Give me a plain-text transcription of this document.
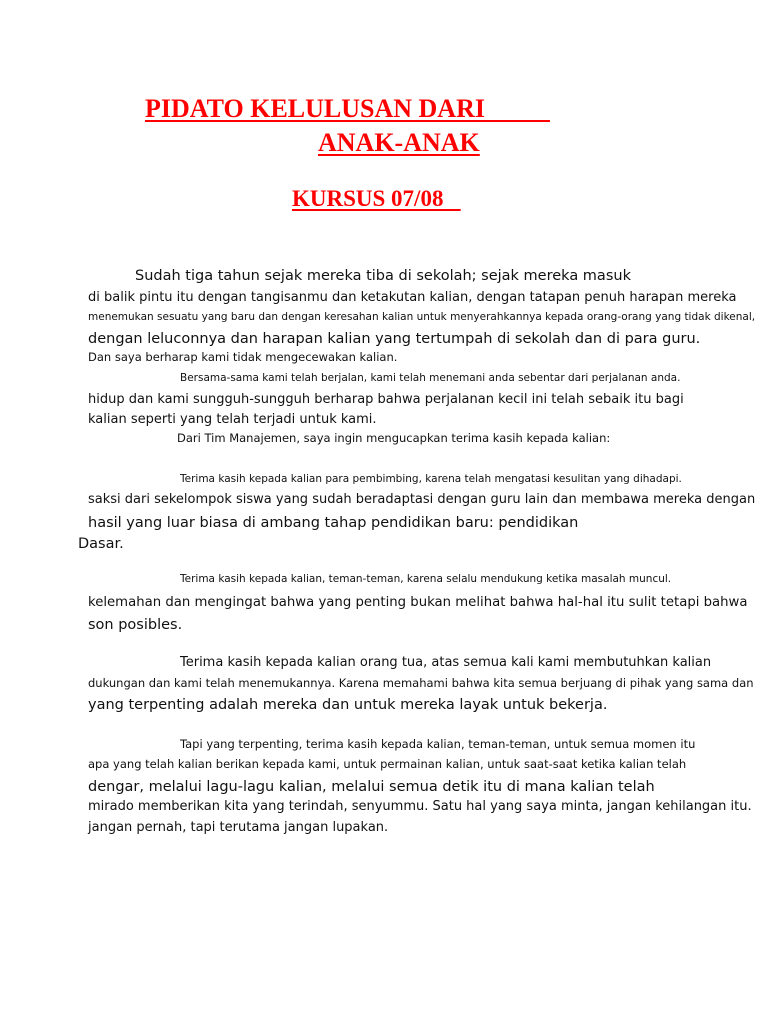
PIDATO KELULUSAN DARI
ANAK-ANAK
KURSUS 07/08

Sudah tiga tahun sejak mereka tiba di sekolah; sejak mereka masuk

di balik pintu itu dengan tangisanmu dan ketakutan kalian, dengan tatapan penuh harapan mereka

menemukan sesuatu yang baru dan dengan keresahan kalian untuk menyerahkannya kepada orang-orang yang tidak dikenal,

dengan leluconnya dan harapan kalian yang tertumpah di sekolah dan di para guru.

Dan saya berharap kami tidak mengecewakan kalian.

Bersama-sama kami telah berjalan, kami telah menemani anda sebentar dari perjalanan anda.

hidup dan kami sungguh-sungguh berharap bahwa perjalanan kecil ini telah sebaik itu bagi

kalian seperti yang telah terjadi untuk kami.

Dari Tim Manajemen, saya ingin mengucapkan terima kasih kepada kalian:

Terima kasih kepada kalian para pembimbing, karena telah mengatasi kesulitan yang dihadapi.

saksi dari sekelompok siswa yang sudah beradaptasi dengan guru lain dan membawa mereka dengan

hasil yang luar biasa di ambang tahap pendidikan baru: pendidikan

Dasar.

Terima kasih kepada kalian, teman-teman, karena selalu mendukung ketika masalah muncul.

kelemahan dan mengingat bahwa yang penting bukan melihat bahwa hal-hal itu sulit tetapi bahwa

son posibles.

Terima kasih kepada kalian orang tua, atas semua kali kami membutuhkan kalian

dukungan dan kami telah menemukannya. Karena memahami bahwa kita semua berjuang di pihak yang sama dan

yang terpenting adalah mereka dan untuk mereka layak untuk bekerja.

Tapi yang terpenting, terima kasih kepada kalian, teman-teman, untuk semua momen itu

apa yang telah kalian berikan kepada kami, untuk permainan kalian, untuk saat-saat ketika kalian telah

dengar, melalui lagu-lagu kalian, melalui semua detik itu di mana kalian telah

mirado memberikan kita yang terindah, senyummu. Satu hal yang saya minta, jangan kehilangan itu.

jangan pernah, tapi terutama jangan lupakan.
